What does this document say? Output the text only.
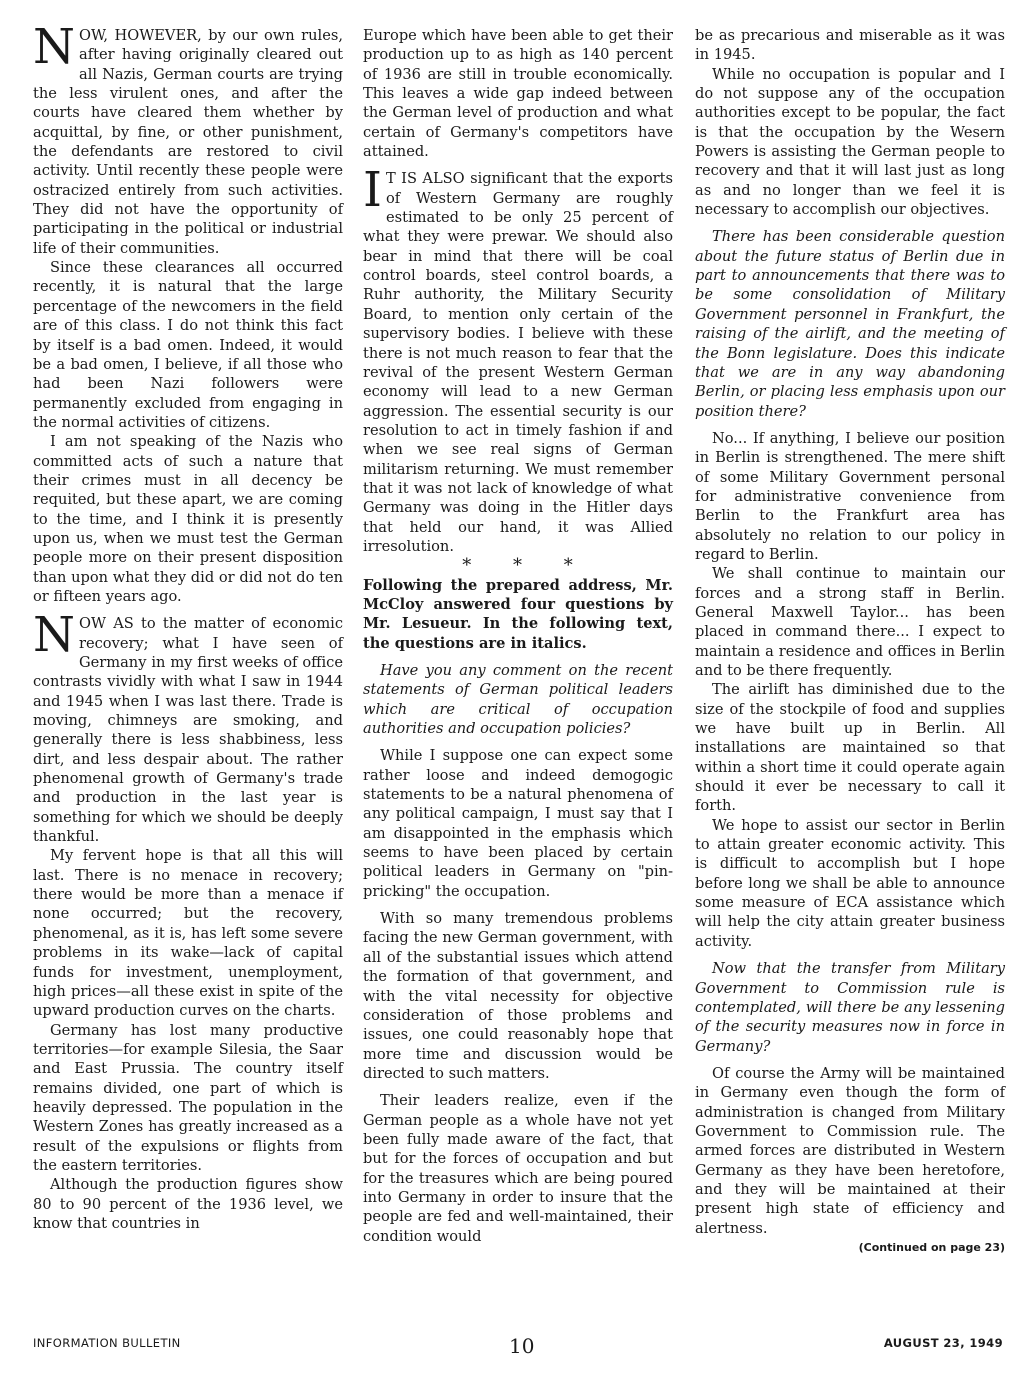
NOW, HOWEVER, by our own rules, after having originally cleared out all Nazis, German courts are trying the less virulent ones, and after the courts have cleared them whether by acquittal, by fine, or other punishment, the defendants are restored to civil activity. Until recently these people were ostracized entirely from such activities. They did not have the opportunity of participating in the political or industrial life of their communities.

Since these clearances all occurred recently, it is natural that the large percentage of the newcomers in the field are of this class. I do not think this fact by itself is a bad omen. Indeed, it would be a bad omen, I believe, if all those who had been Nazi followers were permanently excluded from engaging in the normal activities of citizens.

I am not speaking of the Nazis who committed acts of such a nature that their crimes must in all decency be requited, but these apart, we are coming to the time, and I think it is presently upon us, when we must test the German people more on their present disposition than upon what they did or did not do ten or fifteen years ago.

NOW AS to the matter of economic recovery; what I have seen of Germany in my first weeks of office contrasts vividly with what I saw in 1944 and 1945 when I was last there. Trade is moving, chimneys are smoking, and generally there is less shabbiness, less dirt, and less despair about. The rather phenomenal growth of Germany's trade and production in the last year is something for which we should be deeply thankful.

My fervent hope is that all this will last. There is no menace in recovery; there would be more than a menace if none occurred; but the recovery, phenomenal, as it is, has left some severe problems in its wake—lack of capital funds for investment, unemployment, high prices—all these exist in spite of the upward production curves on the charts.

Germany has lost many productive territories—for example Silesia, the Saar and East Prussia. The country itself remains divided, one part of which is heavily depressed. The population in the Western Zones has greatly increased as a result of the expulsions or flights from the eastern territories.

Although the production figures show 80 to 90 percent of the 1936 level, we know that countries in

Europe which have been able to get their production up to as high as 140 percent of 1936 are still in trouble economically. This leaves a wide gap indeed between the German level of production and what certain of Germany's competitors have attained.

I T IS ALSO significant that the exports of Western Germany are roughly estimated to be only 25 percent of what they were prewar. We should also bear in mind that there will be coal control boards, steel control boards, a Ruhr authority, the Military Security Board, to mention only certain of the supervisory bodies. I believe with these there is not much reason to fear that the revival of the present Western German economy will lead to a new German aggression. The essential security is our resolution to act in timely fashion if and when we see real signs of German militarism returning. We must remember that it was not lack of knowledge of what Germany was doing in the Hitler days that held our hand, it was Allied irresolution.

* * *

Following the prepared address, Mr. McCloy answered four questions by Mr. Lesueur. In the following text, the questions are in italics.

Have you any comment on the recent statements of German political leaders which are critical of occupation authorities and occupation policies?

While I suppose one can expect some rather loose and indeed demogogic statements to be a natural phenomena of any political campaign, I must say that I am disappointed in the emphasis which seems to have been placed by certain political leaders in Germany on "pin-pricking" the occupation.

With so many tremendous problems facing the new German government, with all of the substantial issues which attend the formation of that government, and with the vital necessity for objective consideration of those problems and issues, one could reasonably hope that more time and discussion would be directed to such matters.

Their leaders realize, even if the German people as a whole have not yet been fully made aware of the fact, that but for the forces of occupation and but for the treasures which are being poured into Germany in order to insure that the people are fed and well-maintained, their condition would

be as precarious and miserable as it was in 1945.

While no occupation is popular and I do not suppose any of the occupation authorities except to be popular, the fact is that the occupation by the Wesern Powers is assisting the German people to recovery and that it will last just as long as and no longer than we feel it is necessary to accomplish our objectives.

There has been considerable question about the future status of Berlin due in part to announcements that there was to be some consolidation of Military Government personnel in Frankfurt, the raising of the airlift, and the meeting of the Bonn legislature. Does this indicate that we are in any way abandoning Berlin, or placing less emphasis upon our position there?

No... If anything, I believe our position in Berlin is strengthened. The mere shift of some Military Government personal for administrative convenience from Berlin to the Frankfurt area has absolutely no relation to our policy in regard to Berlin.

We shall continue to maintain our forces and a strong staff in Berlin. General Maxwell Taylor... has been placed in command there... I expect to maintain a residence and offices in Berlin and to be there frequently.

The airlift has diminished due to the size of the stockpile of food and supplies we have built up in Berlin. All installations are maintained so that within a short time it could operate again should it ever be necessary to call it forth.

We hope to assist our sector in Berlin to attain greater economic activity. This is difficult to accomplish but I hope before long we shall be able to announce some measure of ECA assistance which will help the city attain greater business activity.

Now that the transfer from Military Government to Commission rule is contemplated, will there be any lessening of the security measures now in force in Germany?

Of course the Army will be maintained in Germany even though the form of administration is changed from Military Government to Commission rule. The armed forces are distributed in Western Germany as they have been heretofore, and they will be maintained at their present high state of efficiency and alertness.

(Continued on page 23)

INFORMATION BULLETIN	10	AUGUST 23, 1949
